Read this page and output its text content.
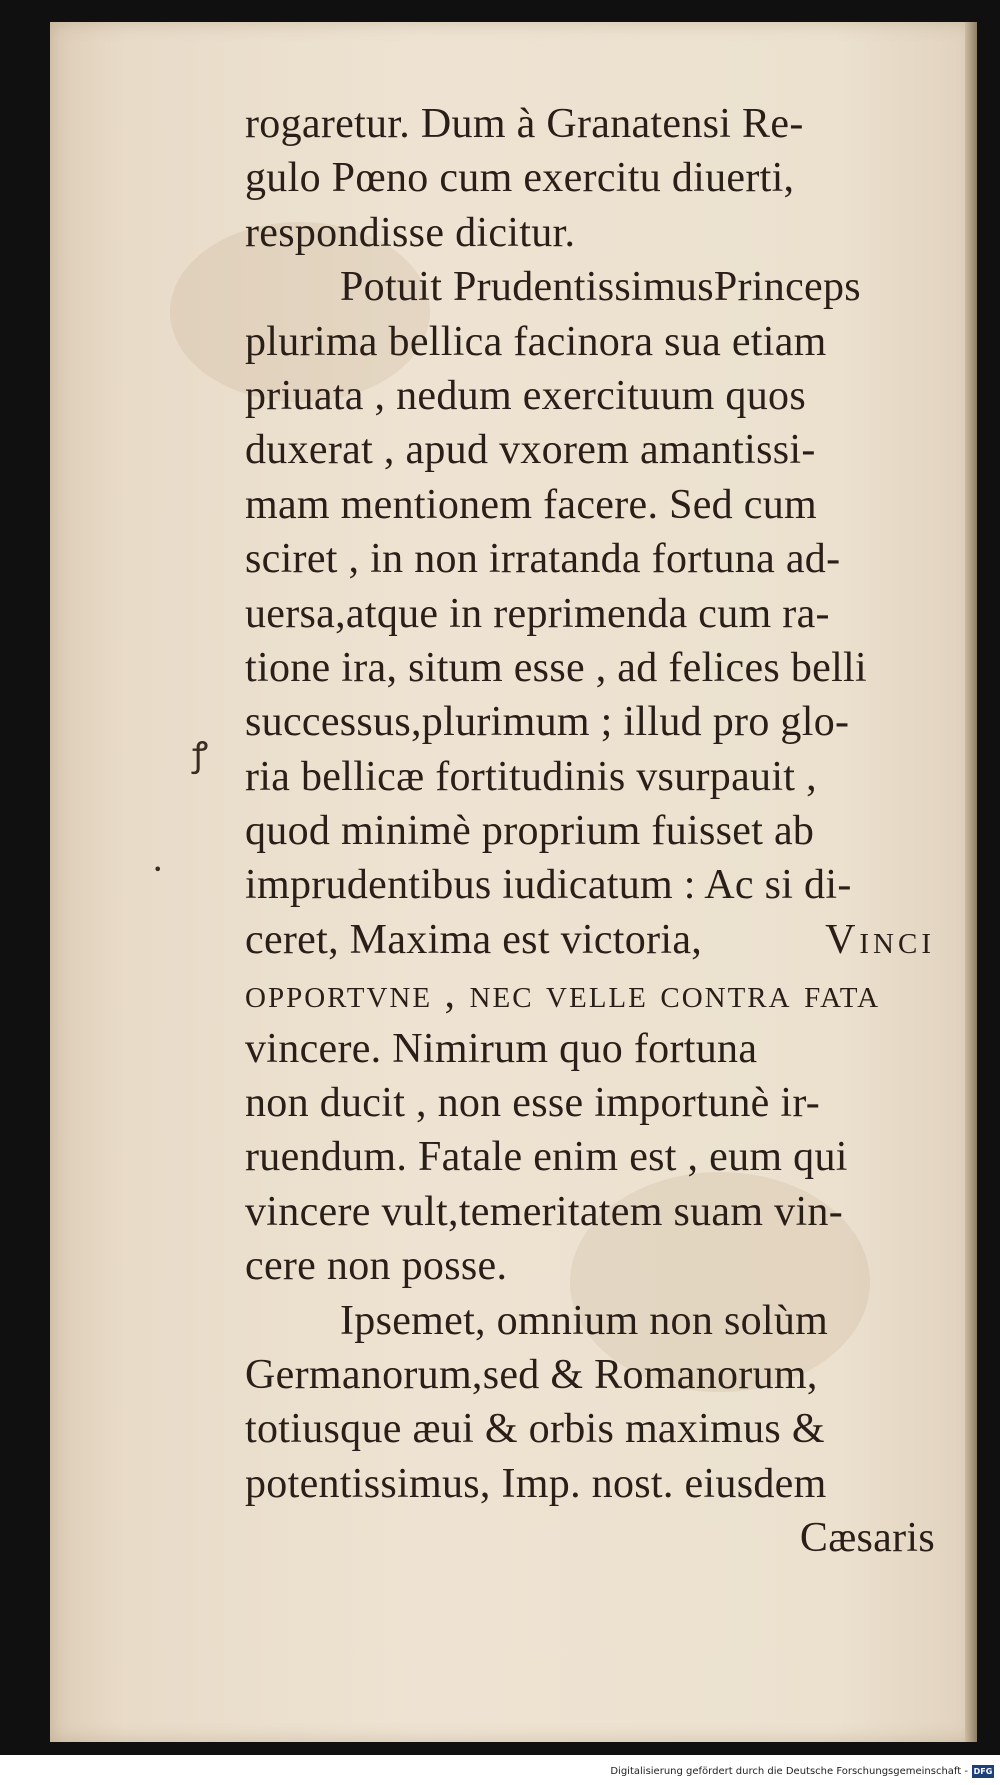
ꝭ
•
rogaretur. Dum à Granatensi Re-
gulo Pœno cum exercitu diuerti,
respondisse dicitur.
Potuit PrudentissimusPrinceps
plurima bellica facinora sua etiam
priuata , nedum exercituum quos
duxerat , apud vxorem amantissi-
mam mentionem facere. Sed cum
sciret , in non irratanda fortuna ad-
uersa,atque in reprimenda cum ra-
tione ira, situm esse , ad felices belli
successus,plurimum ; illud pro glo-
ria bellicæ fortitudinis vsurpauit ,
quod minimè proprium fuisset ab
imprudentibus iudicatum : Ac si di-
ceret, Maxima est victoria,	Vinci
opportvne , nec velle contra fata
vincere. Nimirum quo fortuna
non ducit , non esse importunè ir-
ruendum. Fatale enim est , eum qui
vincere vult,temeritatem suam vin-
cere non posse.
Ipsemet, omnium non solùm
Germanorum,sed & Romanorum,
totiusque æui & orbis maximus &
potentissimus, Imp. nost. eiusdem
Cæsaris
Digitalisierung gefördert durch die Deutsche Forschungsgemeinschaft - DFG
